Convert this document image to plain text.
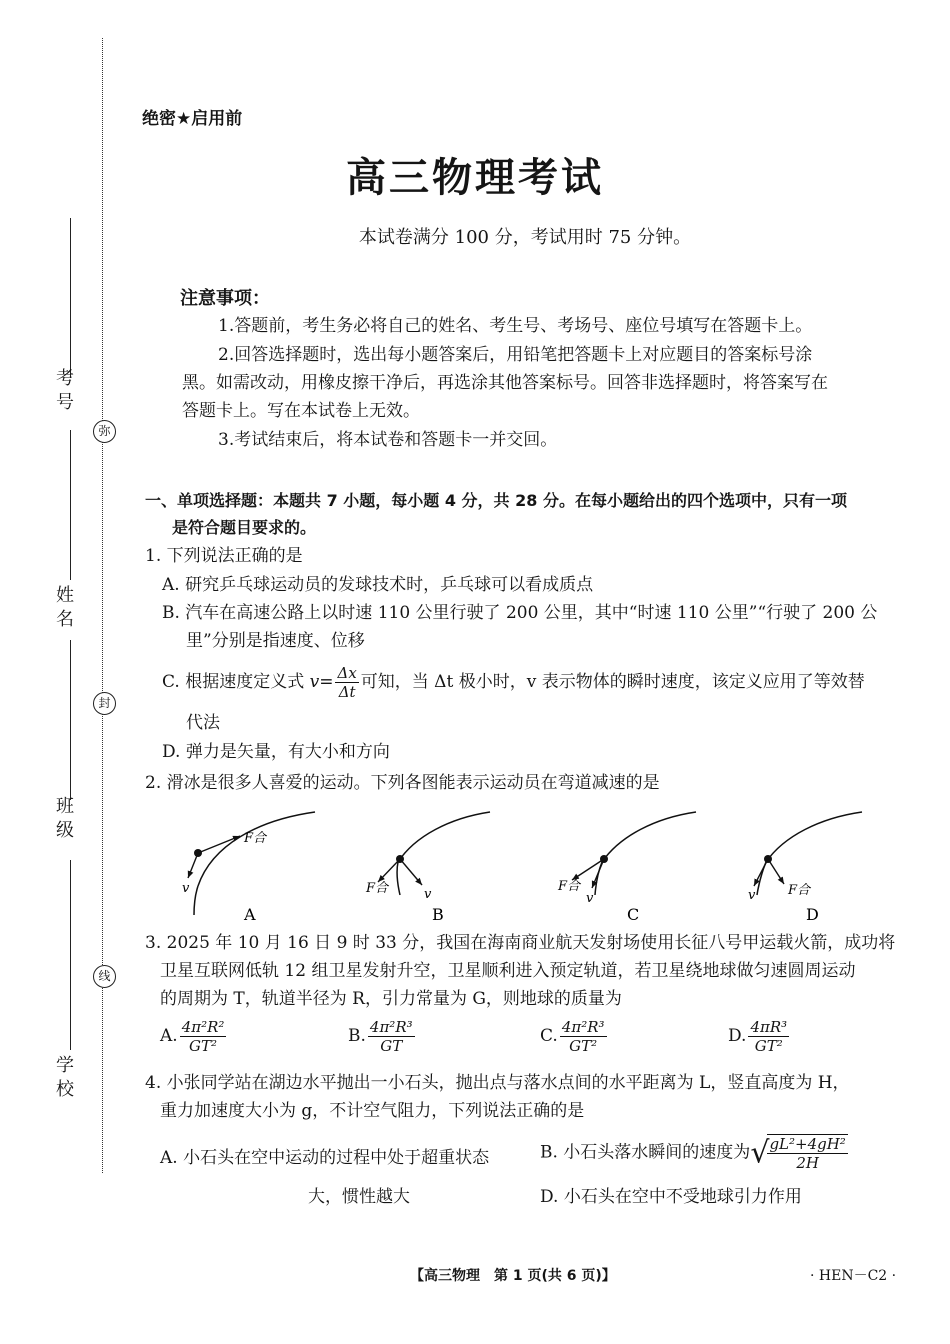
考号
姓名
班级
学校
弥
封
线
绝密★启用前
高三物理考试
本试卷满分 100 分，考试用时 75 分钟。
注意事项：
1.答题前，考生务必将自己的姓名、考生号、考场号、座位号填写在答题卡上。
2.回答选择题时，选出每小题答案后，用铅笔把答题卡上对应题目的答案标号涂
黑。如需改动，用橡皮擦干净后，再选涂其他答案标号。回答非选择题时，将答案写在
答题卡上。写在本试卷上无效。
3.考试结束后，将本试卷和答题卡一并交回。
一、单项选择题：本题共 7 小题，每小题 4 分，共 28 分。在每小题给出的四个选项中，只有一项
是符合题目要求的。
1. 下列说法正确的是
A. 研究乒乓球运动员的发球技术时，乒乓球可以看成质点
B. 汽车在高速公路上以时速 110 公里行驶了 200 公里，其中“时速 110 公里”“行驶了 200 公
里”分别是指速度、位移
C. 根据速度定义式 $v= \frac{\Delta x}{\Delta t}$ 可知，当 Δt 极小时，v 表示物体的瞬时速度，该定义应用了等效替
代法
D. 弹力是矢量，有大小和方向
2. 滑冰是很多人喜爱的运动。下列各图能表示运动员在弯道减速的是
F合
v
A
F合	v
B
F合
v
C
F合
v
D
3. 2025 年 10 月 16 日 9 时 33 分，我国在海南商业航天发射场使用长征八号甲运载火箭，成功将
卫星互联网低轨 12 组卫星发射升空，卫星顺利进入预定轨道，若卫星绕地球做匀速圆周运动
的周期为 T，轨道半径为 R，引力常量为 G，则地球的质量为
A. $\frac{\text{4π²R²}}{\text{GT²}}$	B. $\frac{\text{4π²R³}}{GT}$	C. $\frac{\text{4π²R³}}{\text{GT²}}$	D. $\frac{\text{4πR³}}{\text{GT²}}$
4. 小张同学站在湖边水平抛出一小石头，抛出点与落水点间的水平距离为 L，竖直高度为 H，
重力加速度大小为 g，不计空气阻力，下列说法正确的是
A. 小石头在空中运动的过程中处于超重状态	B. 小石头落水瞬间的速度为√
$\frac{\text{gL²+4gH²}}{2H}$
大，惯性越大	D. 小石头在空中不受地球引力作用
【高三物理　第 1 页(共 6 页)】	· HEN－C2 ·
